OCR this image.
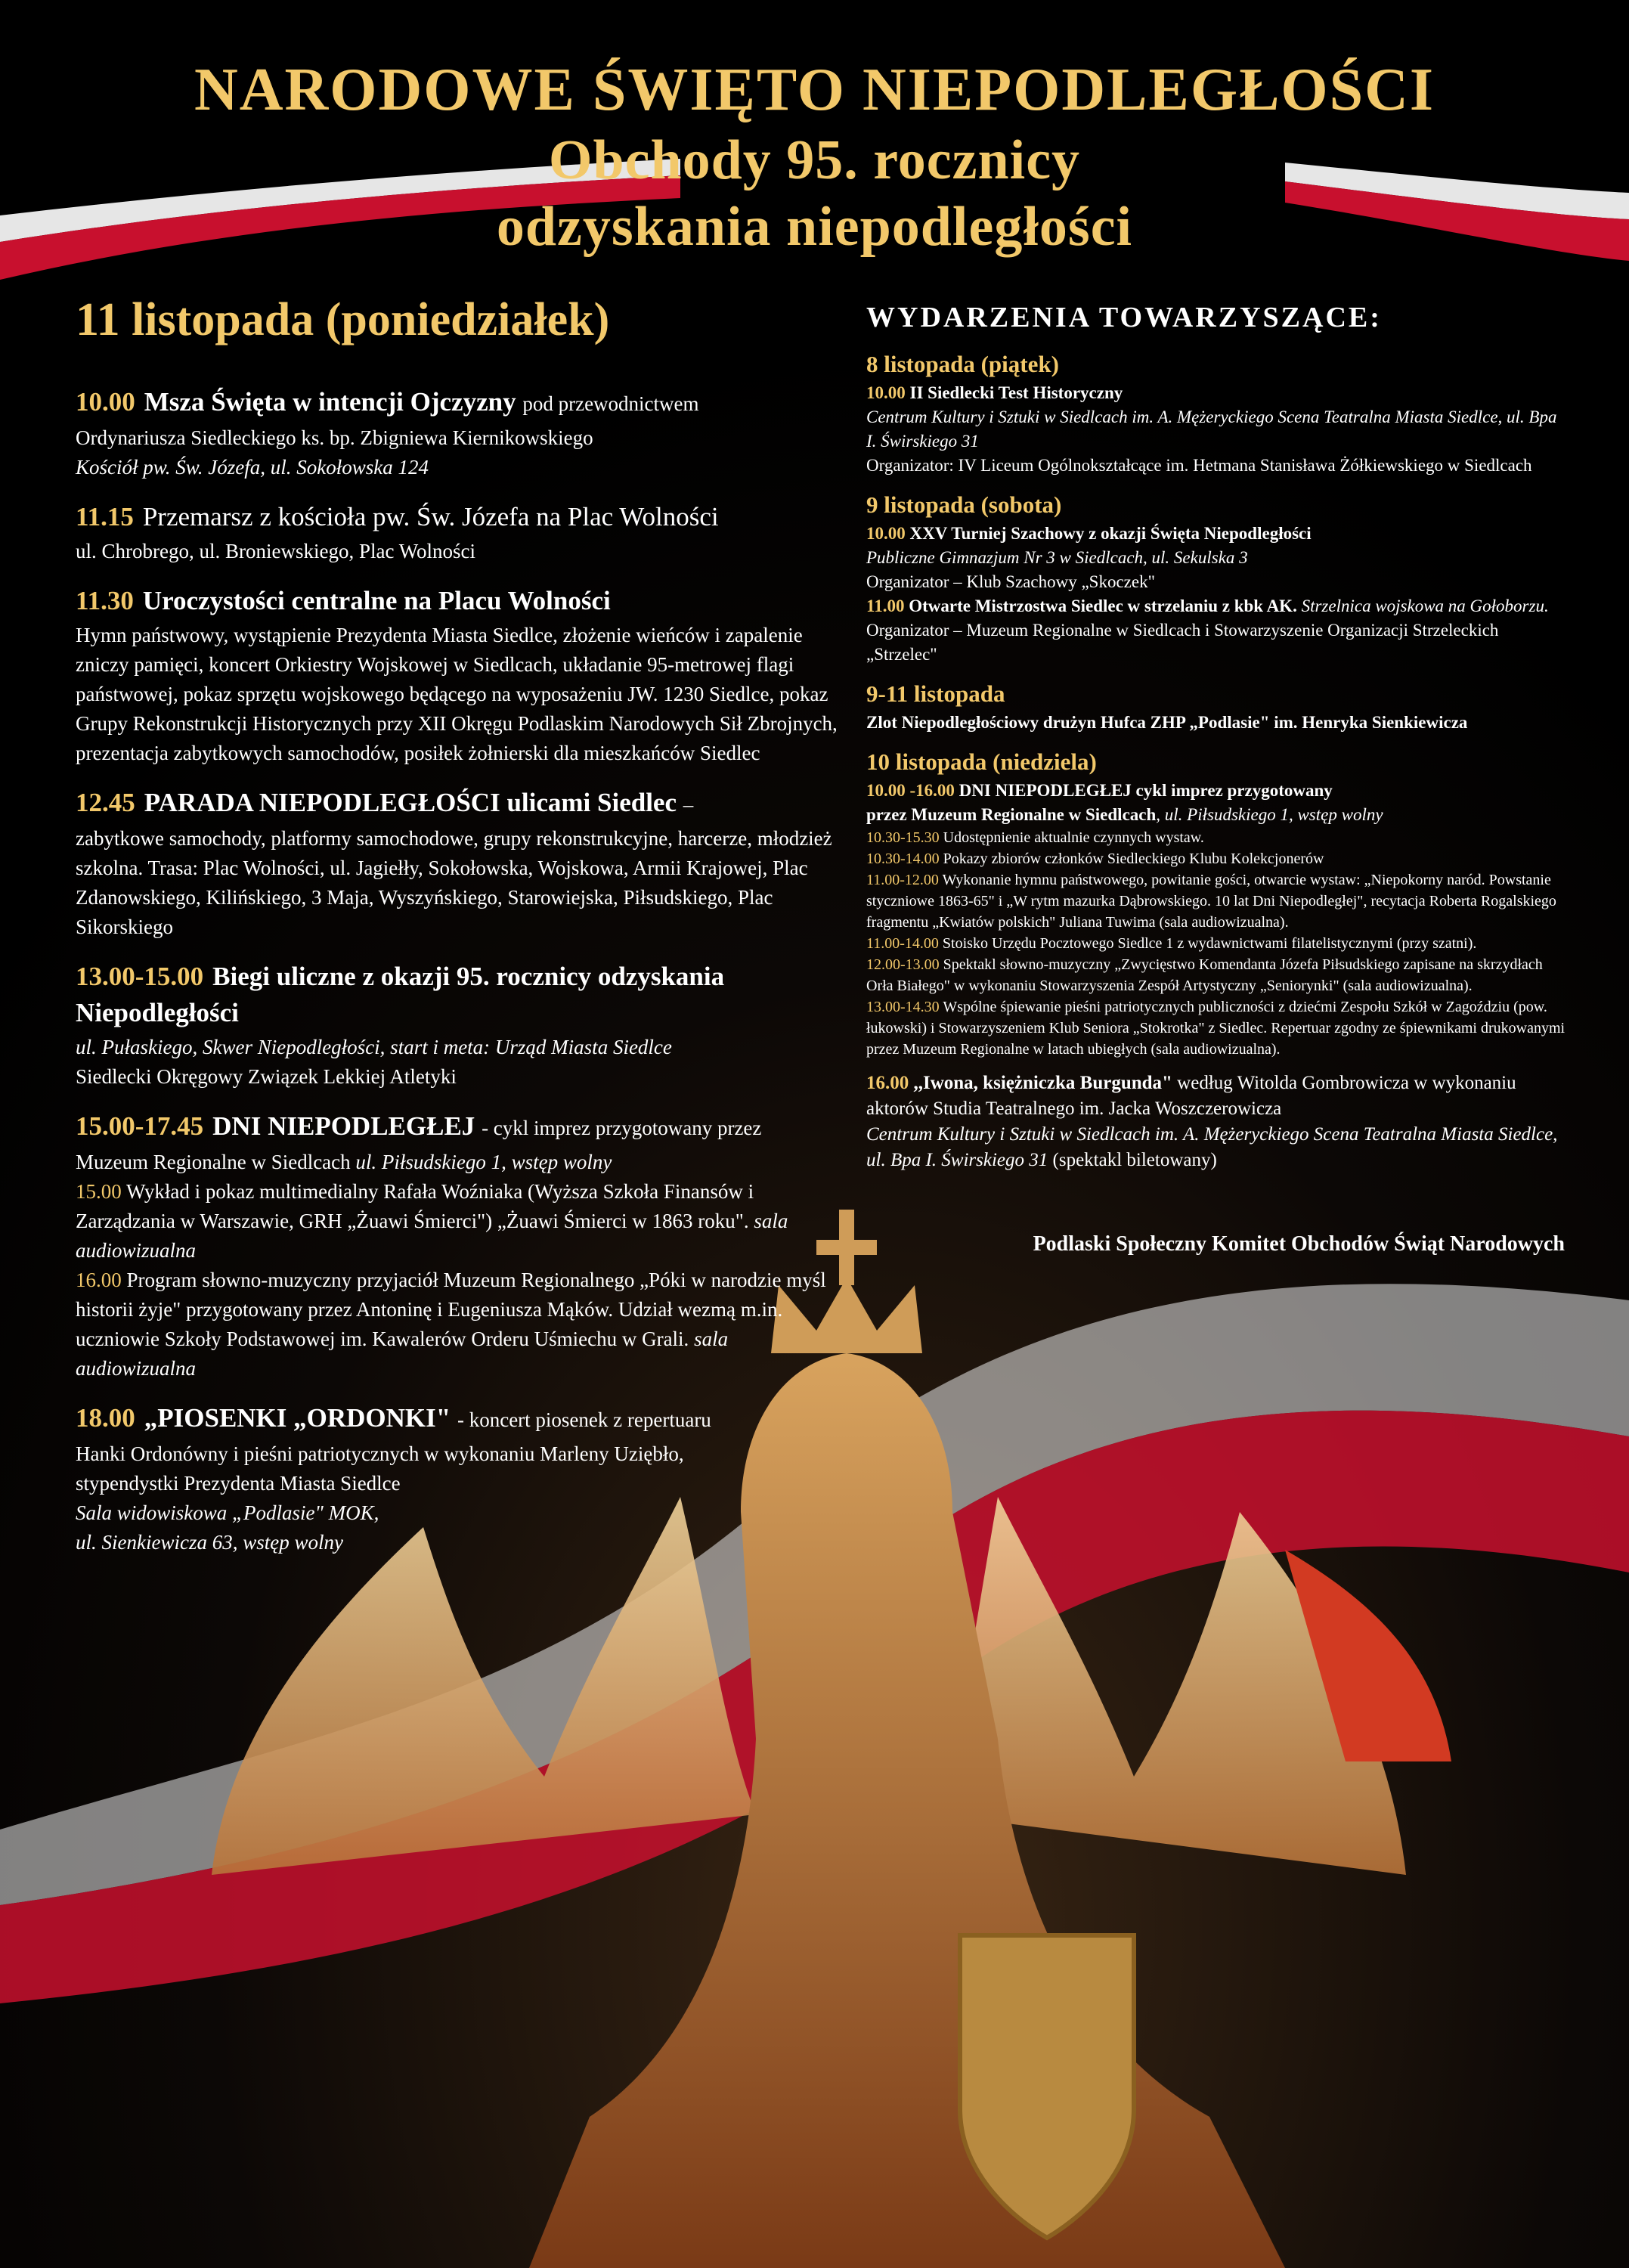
NARODOWE ŚWIĘTO NIEPODLEGŁOŚCI
Obchody 95. rocznicy
odzyskania niepodległości
11 listopada (poniedziałek)
10.00 Msza Święta w intencji Ojczyzny pod przewodnictwem

Ordynariusza Siedleckiego ks. bp. Zbigniewa Kiernikowskiego

Kościół pw. Św. Józefa, ul. Sokołowska 124

11.15 Przemarsz z kościoła pw. Św. Józefa na Plac Wolności

ul. Chrobrego, ul. Broniewskiego, Plac Wolności

11.30 Uroczystości centralne na Placu Wolności

Hymn państwowy, wystąpienie Prezydenta Miasta Siedlce, złożenie wieńców i zapalenie zniczy pamięci, koncert Orkiestry Wojskowej w Siedlcach, układanie 95-metrowej flagi państwowej, pokaz sprzętu wojskowego będącego na wyposażeniu JW. 1230 Siedlce, pokaz Grupy Rekonstrukcji Historycznych przy XII Okręgu Podlaskim Narodowych Sił Zbrojnych, prezentacja zabytkowych samochodów, posiłek żołnierski dla mieszkańców Siedlec

12.45 PARADA NIEPODLEGŁOŚCI ulicami Siedlec –

zabytkowe samochody, platformy samochodowe, grupy rekonstrukcyjne, harcerze, młodzież szkolna. Trasa: Plac Wolności, ul. Jagiełły, Sokołowska, Wojskowa, Armii Krajowej, Plac Zdanowskiego, Kilińskiego, 3 Maja, Wyszyńskiego, Starowiejska, Piłsudskiego, Plac Sikorskiego

13.00-15.00 Biegi uliczne z okazji 95. rocznicy odzyskania Niepodległości

ul. Pułaskiego, Skwer Niepodległości, start i meta: Urząd Miasta Siedlce

Siedlecki Okręgowy Związek Lekkiej Atletyki

15.00-17.45 DNI NIEPODLEGŁEJ - cykl imprez przygotowany przez

Muzeum Regionalne w Siedlcach ul. Piłsudskiego 1, wstęp wolny

15.00 Wykład i pokaz multimedialny Rafała Woźniaka (Wyższa Szkoła Finansów i Zarządzania w Warszawie, GRH „Żuawi Śmierci") „Żuawi Śmierci w 1863 roku". sala audiowizualna

16.00 Program słowno-muzyczny przyjaciół Muzeum Regionalnego „Póki w narodzie myśl historii żyje" przygotowany przez Antoninę i Eugeniusza Mąków. Udział wezmą m.in. uczniowie Szkoły Podstawowej im. Kawalerów Orderu Uśmiechu w Grali. sala audiowizualna

18.00 „PIOSENKI „ORDONKI" - koncert piosenek z repertuaru

Hanki Ordonówny i pieśni patriotycznych w wykonaniu Marleny Uziębło, stypendystki Prezydenta Miasta Siedlce

Sala widowiskowa „Podlasie" MOK,

ul. Sienkiewicza 63, wstęp wolny

WYDARZENIA TOWARZYSZĄCE:
8 listopada (piątek)

10.00 II Siedlecki Test Historyczny

Centrum Kultury i Sztuki w Siedlcach im. A. Mężeryckiego Scena Teatralna Miasta Siedlce, ul. Bpa I. Świrskiego 31

Organizator: IV Liceum Ogólnokształcące im. Hetmana Stanisława Żółkiewskiego w Siedlcach

9 listopada (sobota)

10.00 XXV Turniej Szachowy z okazji Święta Niepodległości

Publiczne Gimnazjum Nr 3 w Siedlcach, ul. Sekulska 3

Organizator – Klub Szachowy „Skoczek"

11.00 Otwarte Mistrzostwa Siedlec w strzelaniu z kbk AK. Strzelnica wojskowa na Gołoborzu.

Organizator – Muzeum Regionalne w Siedlcach i Stowarzyszenie Organizacji Strzeleckich „Strzelec"

9-11 listopada

Zlot Niepodległościowy drużyn Hufca ZHP „Podlasie" im. Henryka Sienkiewicza

10 listopada (niedziela)

10.00 -16.00 DNI NIEPODLEGŁEJ cykl imprez przygotowany

przez Muzeum Regionalne w Siedlcach, ul. Piłsudskiego 1, wstęp wolny

10.30-15.30 Udostępnienie aktualnie czynnych wystaw.

10.30-14.00 Pokazy zbiorów członków Siedleckiego Klubu Kolekcjonerów

11.00-12.00 Wykonanie hymnu państwowego, powitanie gości, otwarcie wystaw: „Niepokorny naród. Powstanie styczniowe 1863-65" i „W rytm mazurka Dąbrowskiego. 10 lat Dni Niepodległej", recytacja Roberta Rogalskiego fragmentu „Kwiatów polskich" Juliana Tuwima (sala audiowizualna).

11.00-14.00 Stoisko Urzędu Pocztowego Siedlce 1 z wydawnictwami filatelistycznymi (przy szatni).

12.00-13.00 Spektakl słowno-muzyczny „Zwycięstwo Komendanta Józefa Piłsudskiego zapisane na skrzydłach Orła Białego" w wykonaniu Stowarzyszenia Zespół Artystyczny „Seniorynki" (sala audiowizualna).

13.00-14.30 Wspólne śpiewanie pieśni patriotycznych publiczności z dziećmi Zespołu Szkół w Zagoździu (pow. łukowski) i Stowarzyszeniem Klub Seniora „Stokrotka" z Siedlec. Repertuar zgodny ze śpiewnikami drukowanymi przez Muzeum Regionalne w latach ubiegłych (sala audiowizualna).

16.00 ,,Iwona, księżniczka Burgunda" według Witolda Gombrowicza w wykonaniu aktorów Studia Teatralnego im. Jacka Woszczerowicza

Centrum Kultury i Sztuki w Siedlcach im. A. Mężeryckiego Scena Teatralna Miasta Siedlce, ul. Bpa I. Świrskiego 31 (spektakl biletowany)

Podlaski Społeczny Komitet Obchodów Świąt Narodowych
